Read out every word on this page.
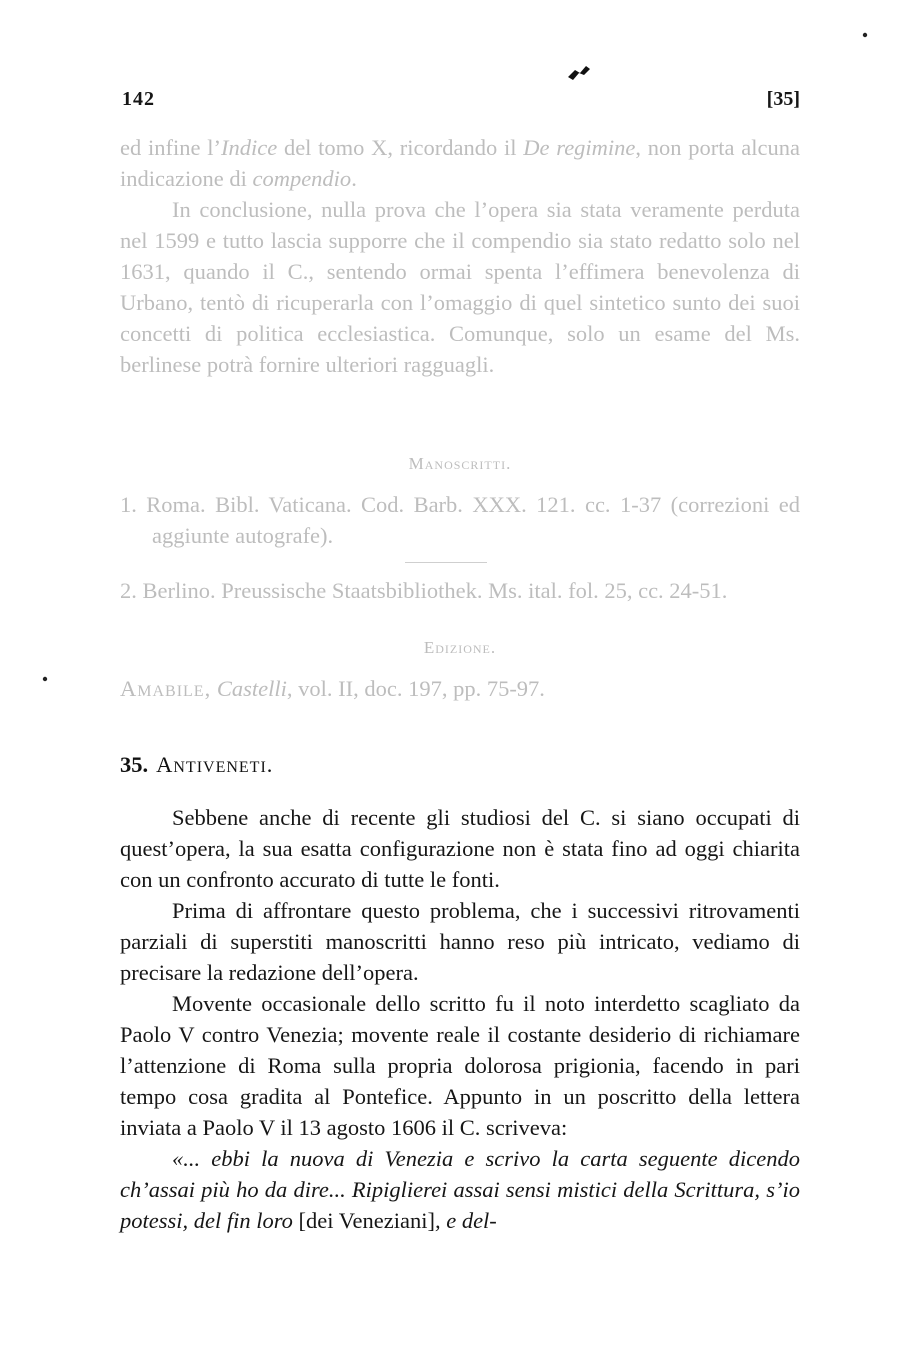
142	[35]

ed infine l’Indice del tomo X, ricordando il De regimine, non porta alcuna indicazione di compendio.

In conclusione, nulla prova che l’opera sia stata veramente perduta nel 1599 e tutto lascia supporre che il compendio sia stato redatto solo nel 1631, quando il C., sentendo ormai spenta l’effimera benevolenza di Urbano, tentò di ricuperarla con l’omaggio di quel sintetico sunto dei suoi concetti di politica ecclesiastica. Comunque, solo un esame del Ms. berlinese potrà fornire ulteriori ragguagli.

Manoscritti.

1. Roma. Bibl. Vaticana. Cod. Barb. XXX. 121. cc. 1-37 (correzioni ed aggiunte autografe).

2. Berlino. Preussische Staatsbibliothek. Ms. ital. fol. 25, cc. 24-51.

Edizione.

Amabile, Castelli, vol. II, doc. 197, pp. 75-97.

35. Antiveneti.

Sebbene anche di recente gli studiosi del C. si siano occupati di quest’opera, la sua esatta configurazione non è stata fino ad oggi chiarita con un confronto accurato di tutte le fonti.

Prima di affrontare questo problema, che i successivi ritrovamenti parziali di superstiti manoscritti hanno reso più intricato, vediamo di precisare la redazione dell’opera.

Movente occasionale dello scritto fu il noto interdetto scagliato da Paolo V contro Venezia; movente reale il costante desiderio di richiamare l’attenzione di Roma sulla propria dolorosa prigionia, facendo in pari tempo cosa gradita al Pontefice. Appunto in un poscritto della lettera inviata a Paolo V il 13 agosto 1606 il C. scriveva:

«... ebbi la nuova di Venezia e scrivo la carta seguente dicendo ch’assai più ho da dire... Ripiglierei assai sensi mistici della Scrittura, s’io potessi, del fin loro [dei Veneziani], e del-
